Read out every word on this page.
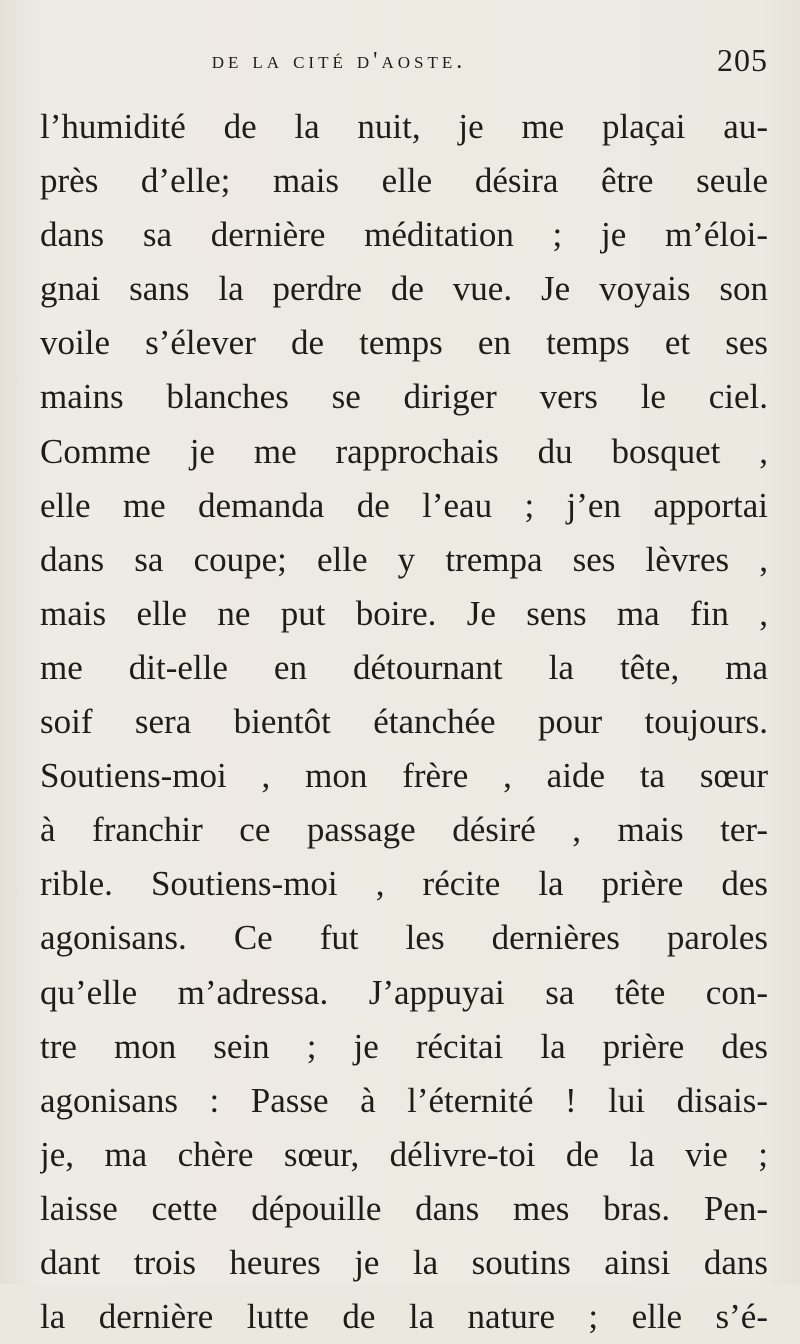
de la cité d'aoste.	205
l’humidité de la nuit, je me plaçai au-
près d’elle; mais elle désira être seule
dans sa dernière méditation ; je m’éloi-
gnai sans la perdre de vue. Je voyais son
voile s’élever de temps en temps et ses
mains blanches se diriger vers le ciel.
Comme je me rapprochais du bosquet ,
elle me demanda de l’eau ; j’en apportai
dans sa coupe; elle y trempa ses lèvres ,
mais elle ne put boire. Je sens ma fin ,
me dit-elle en détournant la tête, ma
soif sera bientôt étanchée pour toujours.
Soutiens-moi , mon frère , aide ta sœur
à franchir ce passage désiré , mais ter-
rible. Soutiens-moi , récite la prière des
agonisans. Ce fut les dernières paroles
qu’elle m’adressa. J’appuyai sa tête con-
tre mon sein ; je récitai la prière des
agonisans : Passe à l’éternité ! lui disais-
je, ma chère sœur, délivre-toi de la vie ;
laisse cette dépouille dans mes bras. Pen-
dant trois heures je la soutins ainsi dans
la dernière lutte de la nature ; elle s’é-
